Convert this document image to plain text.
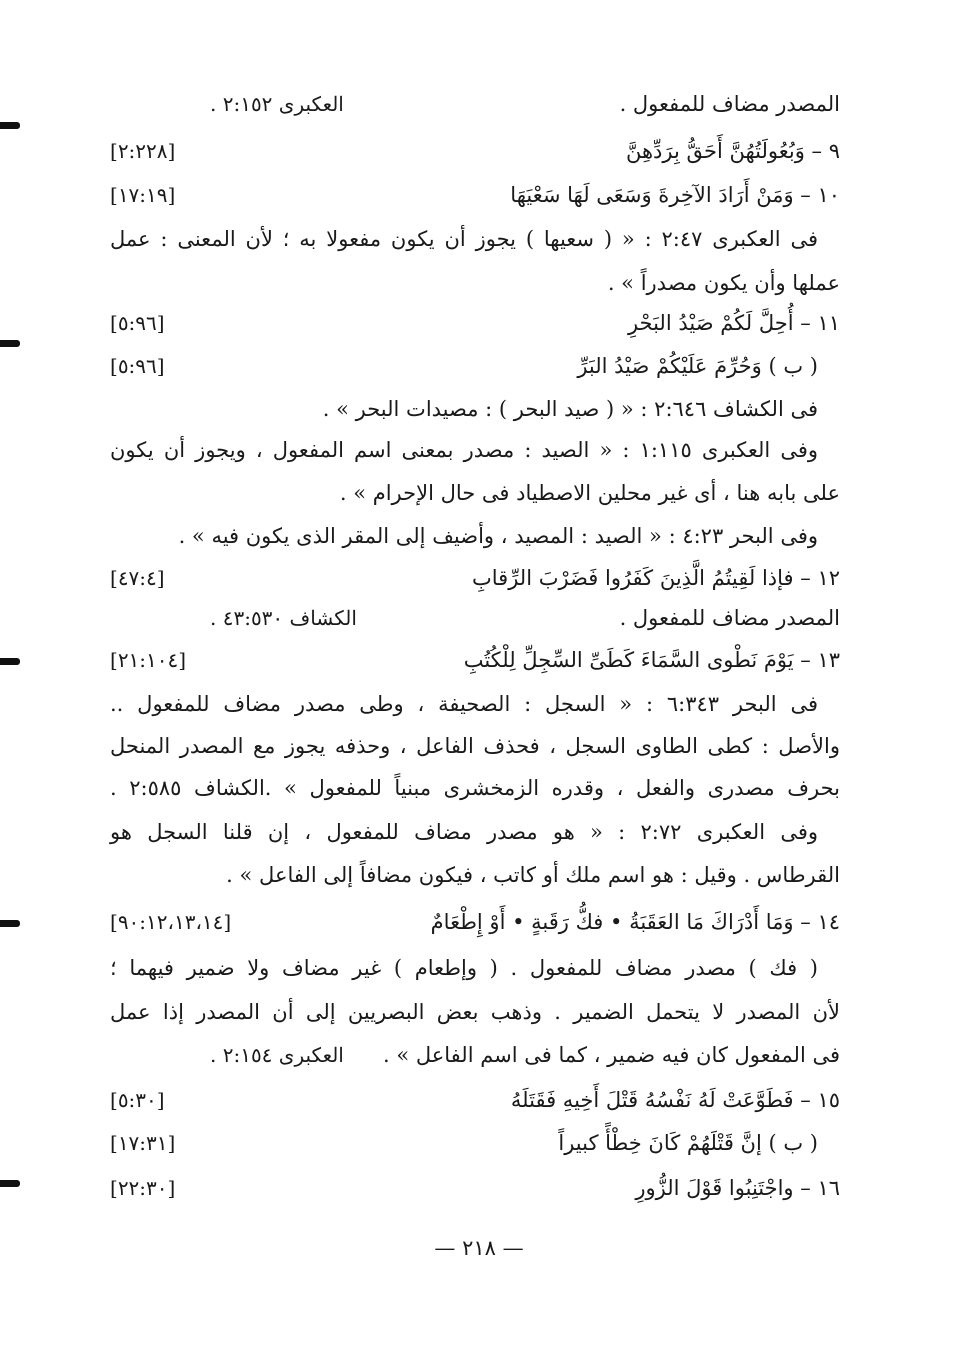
المصدر مضاف للمفعول .
العكبرى ٢:١٥٢ .
٩ – وَبُعُولَتُهُنَّ أَحَقُّ بِرَدِّهِنَّ
[٢:٢٢٨]
١٠ – وَمَنْ أَرَادَ الآخِرةَ وَسَعَى لَهَا سَعْيَهَا
[١٧:١٩]
فى العكبرى ٢:٤٧ : « ( سعيها ) يجوز أن يكون مفعولا به ؛ لأن المعنى : عمل
عملها وأن يكون مصدراً » .
١١ – أُحِلَّ لَكُمْ صَيْدُ البَحْرِ
[٥:٩٦]
( ب ) وَحُرِّمَ عَلَيْكُمْ صَيْدُ البَرِّ
[٥:٩٦]
فى الكشاف ٢:٦٤٦ : « ( صيد البحر ) : مصيدات البحر » .
وفى العكبرى ١:١١٥ : « الصيد : مصدر بمعنى اسم المفعول ، ويجوز أن يكون
على بابه هنا ، أى غير محلين الاصطياد فى حال الإحرام » .
وفى البحر ٤:٢٣ : « الصيد : المصيد ، وأضيف إلى المقر الذى يكون فيه » .
١٢ – فإذا لَقِيتُمُ الَّذِينَ كَفَرُوا فَضَرْبَ الرِّقابِ
[٤٧:٤]
المصدر مضاف للمفعول .
الكشاف ٤٣:٥٣٠ .
١٣ – يَوْمَ نَطْوى السَّمَاءَ كَطَىِّ السِّجِلِّ لِلْكُتُبِ
[٢١:١٠٤]
فى البحر ٦:٣٤٣ : « السجل : الصحيفة ، وطى مصدر مضاف للمفعول ..
والأصل : كطى الطاوى السجل ، فحذف الفاعل ، وحذفه يجوز مع المصدر المنحل
بحرف مصدرى والفعل ، وقدره الزمخشرى مبنياً للمفعول » .الكشاف ٢:٥٨٥ .
وفى العكبرى ٢:٧٢ : « هو مصدر مضاف للمفعول ، إن قلنا السجل هو
القرطاس . وقيل : هو اسم ملك أو كاتب ، فيكون مضافاً إلى الفاعل » .
١٤ – وَمَا أَدْرَاكَ مَا العَقَبَةُ • فكُّ رَقَبةٍ • أَوْ إِطْعَامٌ
[٩٠:١٢،١٣،١٤]
( فك ) مصدر مضاف للمفعول . ( وإطعام ) غير مضاف ولا ضمير فيهما ؛
لأن المصدر لا يتحمل الضمير . وذهب بعض البصريين إلى أن المصدر إذا عمل
فى المفعول كان فيه ضمير ، كما فى اسم الفاعل » .
العكبرى ٢:١٥٤ .
١٥ – فَطَوَّعَتْ لَهُ نَفْسُهُ قَتْلَ أَخِيهِ فَقَتَلَهُ
[٥:٣٠]
( ب ) إنَّ قَتْلَهُمْ كَانَ خِطْأً كبيراً
[١٧:٣١]
١٦ – واجْتَنِبُوا قَوْلَ الزُّورِ
[٢٢:٣٠]
— ٢١٨ —
